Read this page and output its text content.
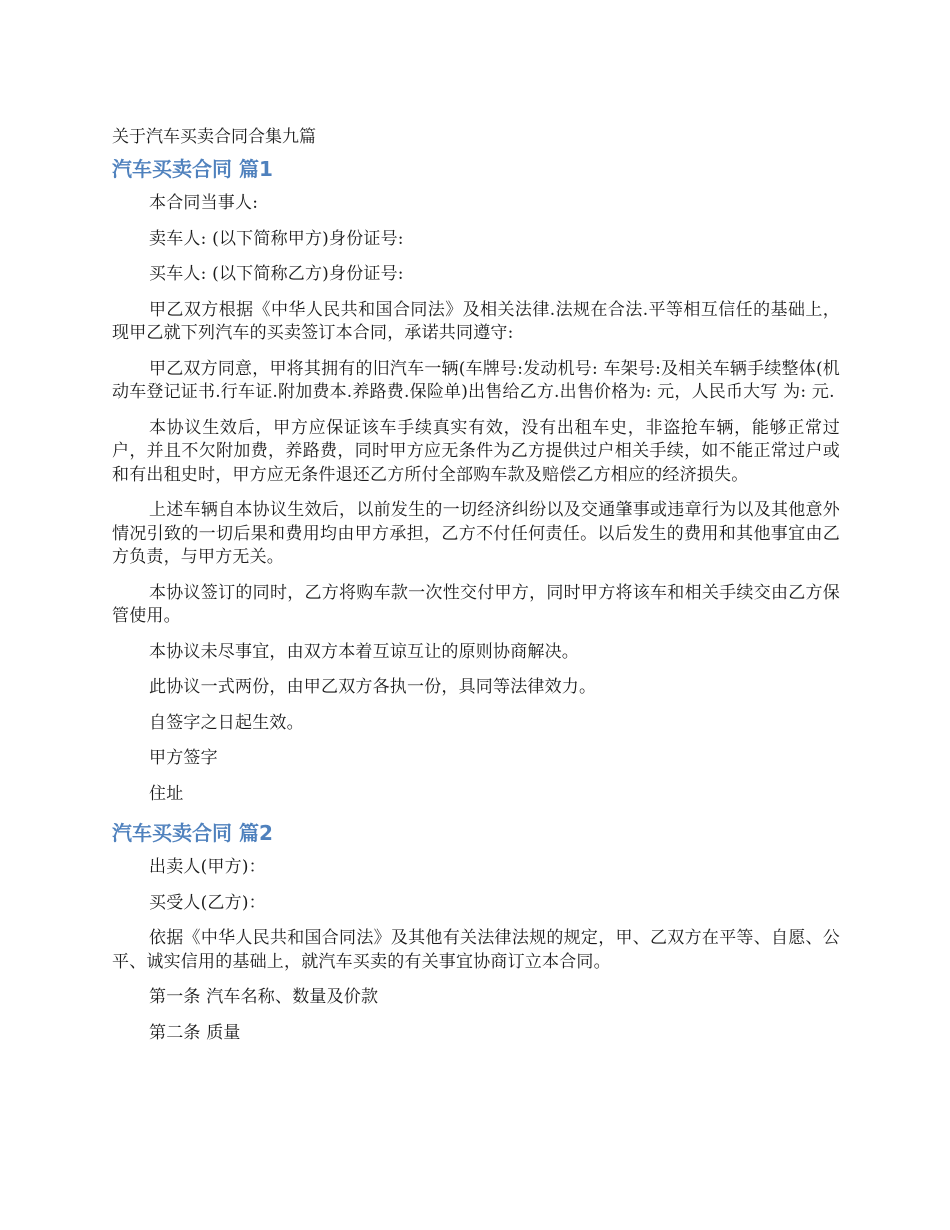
关于汽车买卖合同合集九篇
汽车买卖合同 篇1

本合同当事人:

卖车人: (以下简称甲方)身份证号:

买车人: (以下简称乙方)身份证号:

甲乙双方根据《中华人民共和国合同法》及相关法律.法规在合法.平等相互信任的基础上，现甲乙就下列汽车的买卖签订本合同，承诺共同遵守:

甲乙双方同意，甲将其拥有的旧汽车一辆(车牌号:发动机号: 车架号:及相关车辆手续整体(机动车登记证书.行车证.附加费本.养路费.保险单)出售给乙方.出售价格为: 元，人民币大写 为: 元.

本协议生效后，甲方应保证该车手续真实有效，没有出租车史，非盗抢车辆，能够正常过户，并且不欠附加费，养路费，同时甲方应无条件为乙方提供过户相关手续，如不能正常过户或和有出租史时，甲方应无条件退还乙方所付全部购车款及赔偿乙方相应的经济损失。

上述车辆自本协议生效后，以前发生的一切经济纠纷以及交通肇事或违章行为以及其他意外情况引致的一切后果和费用均由甲方承担，乙方不付任何责任。以后发生的费用和其他事宜由乙方负责，与甲方无关。

本协议签订的同时，乙方将购车款一次性交付甲方，同时甲方将该车和相关手续交由乙方保管使用。

本协议未尽事宜，由双方本着互谅互让的原则协商解决。

此协议一式两份，由甲乙双方各执一份，具同等法律效力。

自签字之日起生效。

甲方签字

住址

汽车买卖合同 篇2

出卖人(甲方)：

买受人(乙方)：

依据《中华人民共和国合同法》及其他有关法律法规的规定，甲、乙双方在平等、自愿、公平、诚实信用的基础上，就汽车买卖的有关事宜协商订立本合同。

第一条 汽车名称、数量及价款

第二条 质量
